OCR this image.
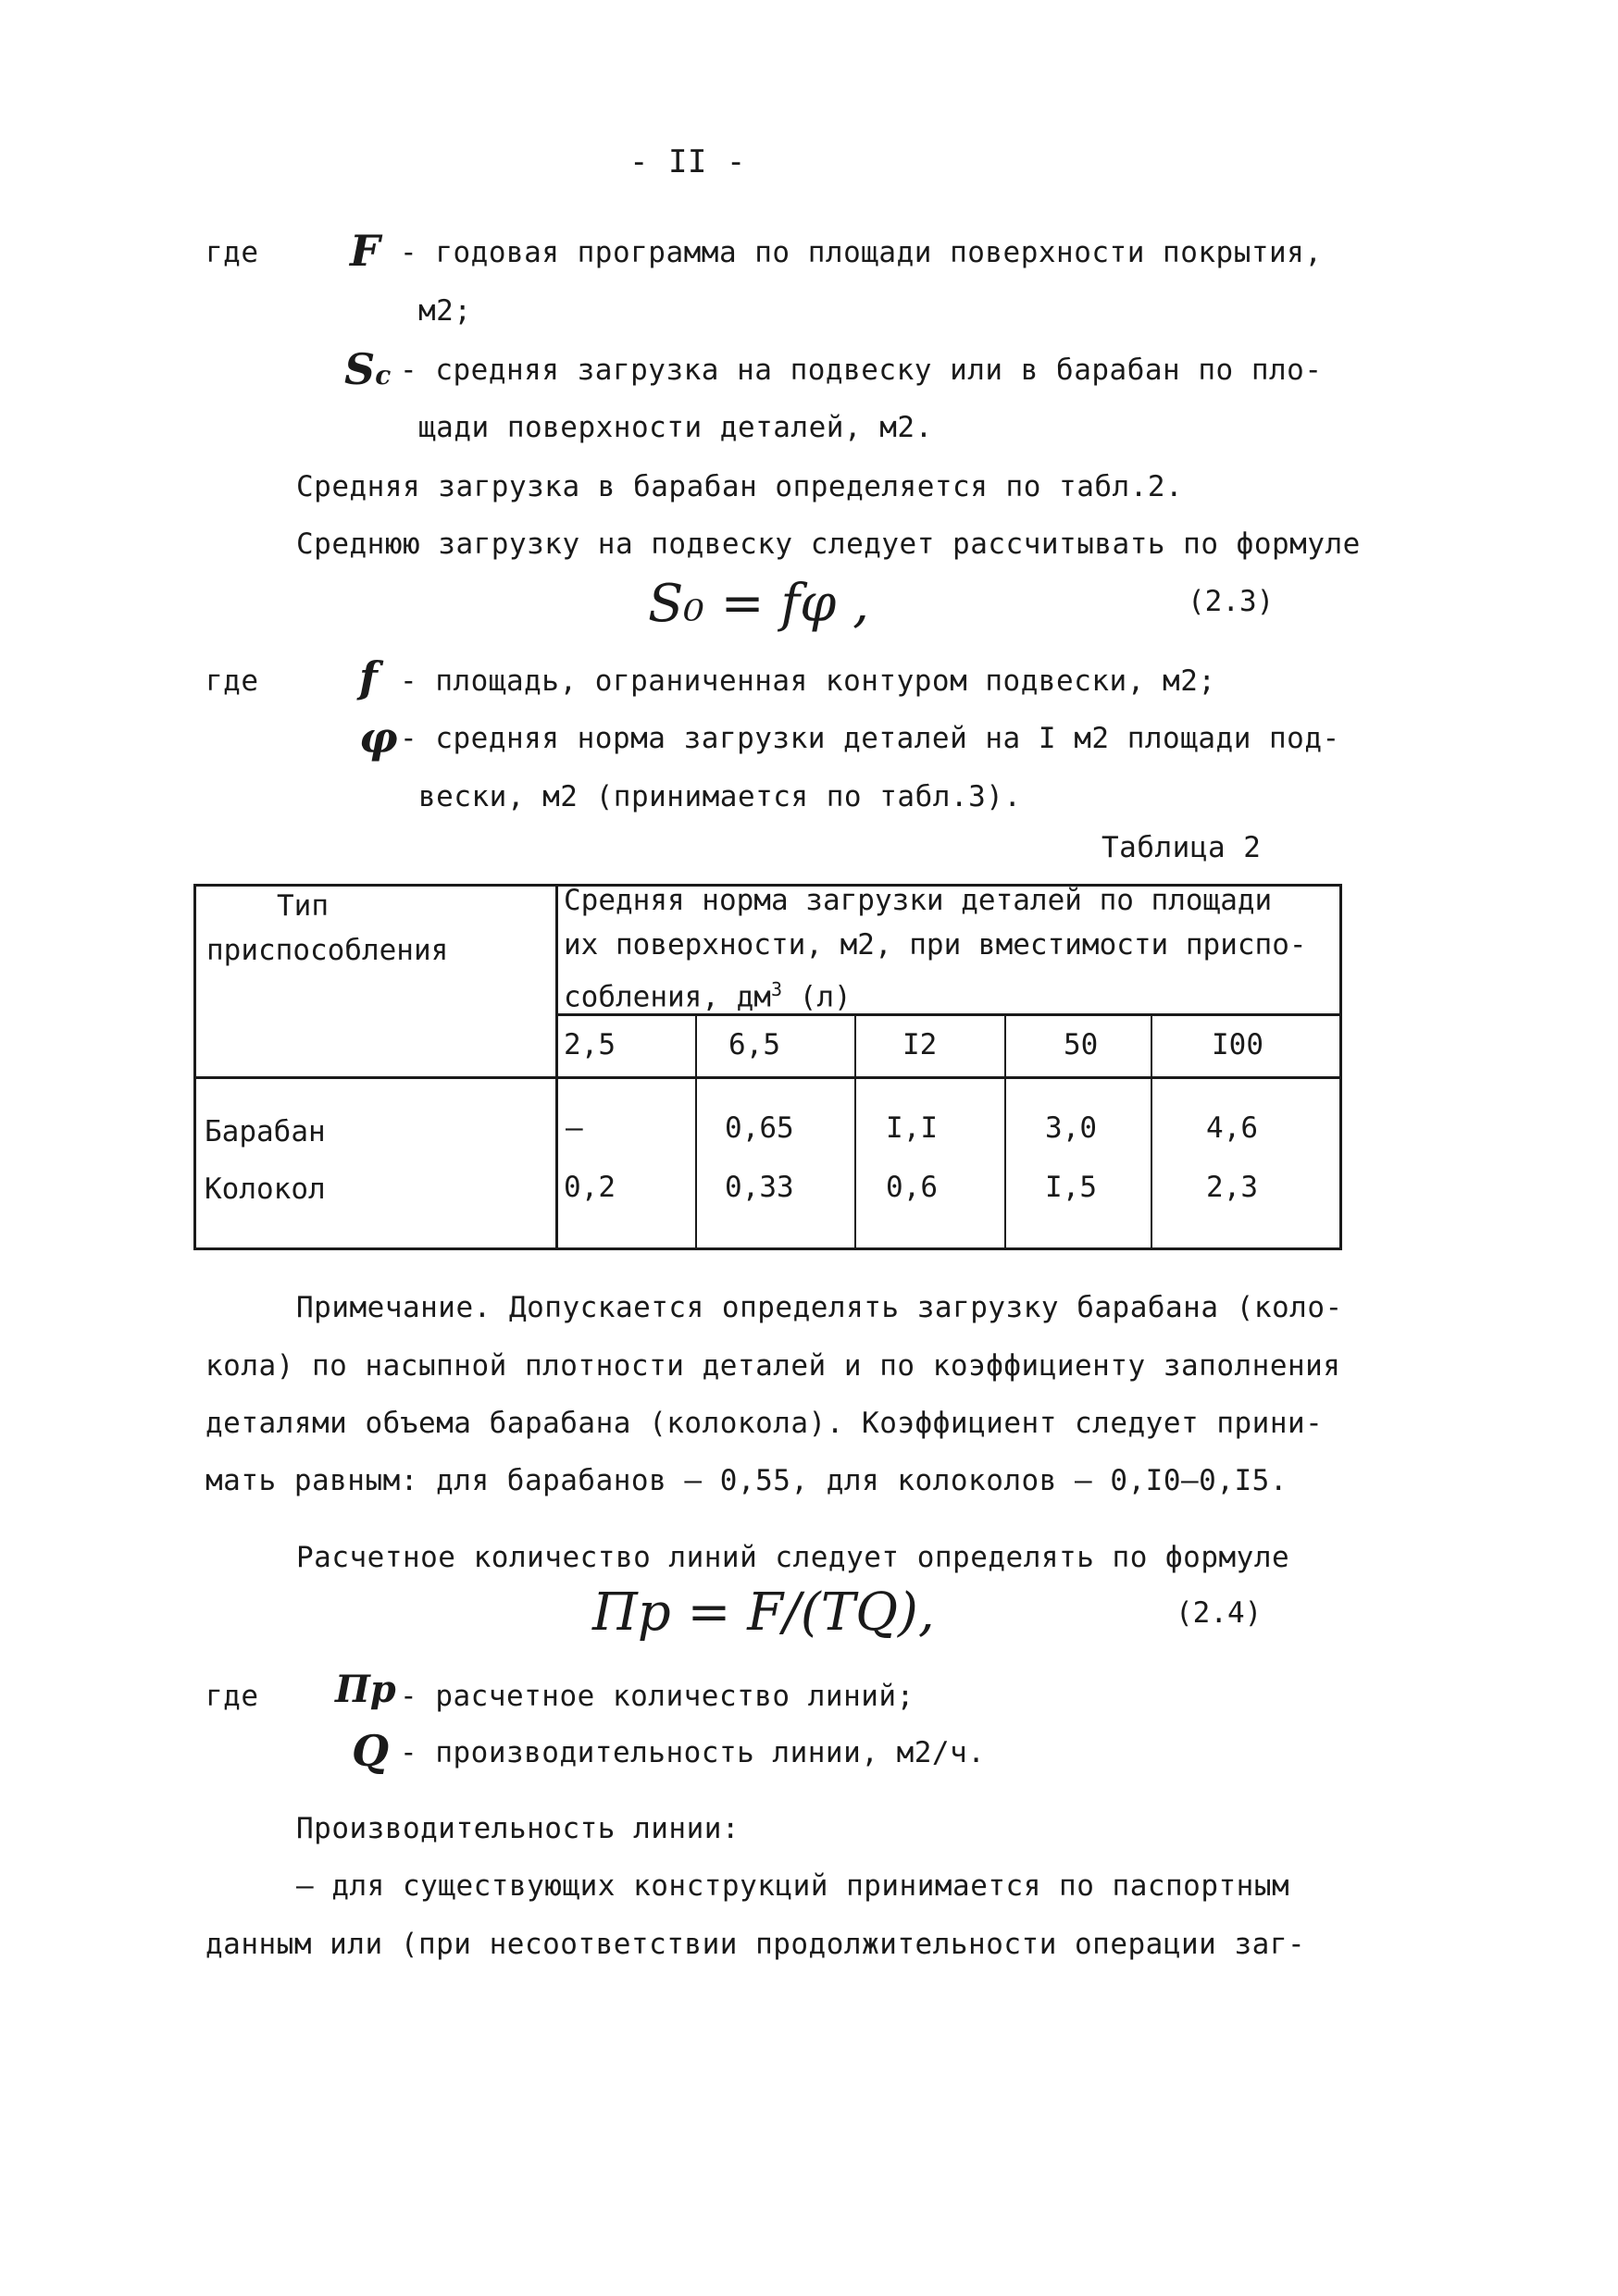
- II -
где F - годовая программа по площади поверхности покрытия,
м2;
Sc - средняя загрузка на подвеску или в барабан по пло-
щади поверхности деталей, м2.
Средняя загрузка в барабан определяется по табл.2.
Среднюю загрузку на подвеску следует рассчитывать по формуле
S₀ = fφ ,	(2.3)
где f - площадь, ограниченная контуром подвески, м2;
φ - средняя норма загрузки деталей на I м2 площади под-
вески, м2 (принимается по табл.3).
Таблица 2
Тип
приспособления
Средняя норма загрузки деталей по площади
их поверхности, м2, при вместимости приспо-
собления, $дм^3$ (л)
2,5	6,5	I2	50	I00
Барабан	–	0,65	I,I	3,0	4,6
Колокол	0,2	0,33	0,6	I,5	2,3
Примечание. Допускается определять загрузку барабана (коло-
кола) по насыпной плотности деталей и по коэффициенту заполнения
деталями объема барабана (колокола). Коэффициент следует прини-
мать равным: для барабанов – 0,55, для колоколов – 0,I0–0,I5.
Расчетное количество линий следует определять по формуле
Пр = F/(TQ),	(2.4)
где Пр - расчетное количество линий;
Q - производительность линии, м2/ч.
Производительность линии:
– для существующих конструкций принимается по паспортным
данным или (при несоответствии продолжительности операции заг-
